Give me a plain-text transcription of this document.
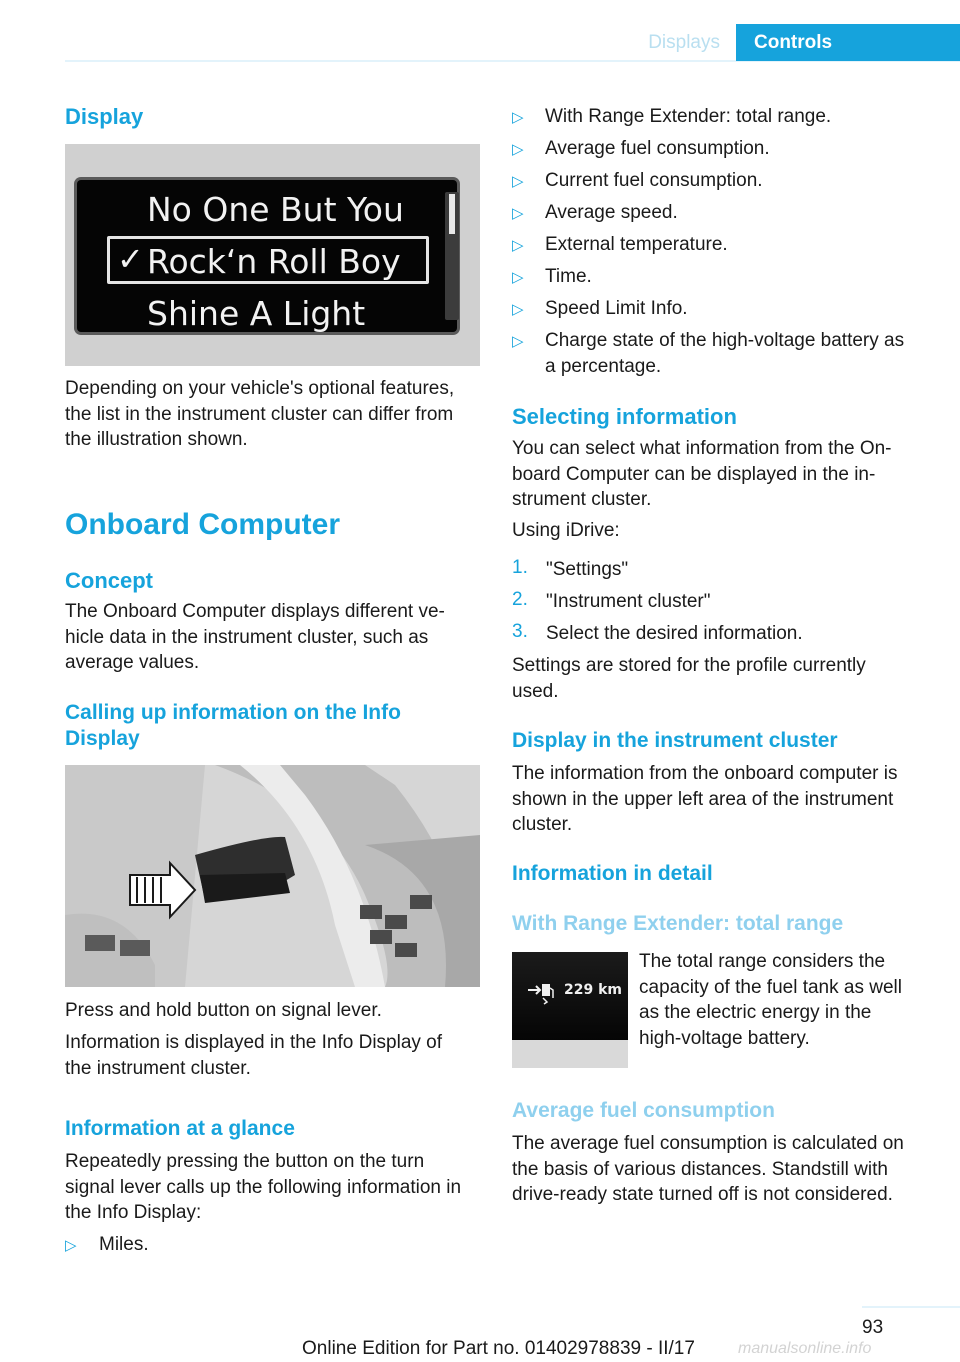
Displays	Controls
Display
No One But You
✓ Rock‘n Roll Boy
Shine A Light
Depending on your vehicle's optional features,
the list in the instrument cluster can differ from
the illustration shown.
Onboard Computer
Concept
The Onboard Computer displays different ve-
hicle data in the instrument cluster, such as
average values.
Calling up information on the Info
Display
Press and hold button on signal lever.
Information is displayed in the Info Display of
the instrument cluster.
Information at a glance
Repeatedly pressing the button on the turn
signal lever calls up the following information in
the Info Display:
▷ Miles.
▷ With Range Extender: total range.
▷ Average fuel consumption.
▷ Current fuel consumption.
▷ Average speed.
▷ External temperature.
▷ Time.
▷ Speed Limit Info.
▷ Charge state of the high-voltage battery as
a percentage.
Selecting information
You can select what information from the On-
board Computer can be displayed in the in-
strument cluster.
Using iDrive:
1. "Settings"
2. "Instrument cluster"
3. Select the desired information.
Settings are stored for the profile currently
used.
Display in the instrument cluster
The information from the onboard computer is
shown in the upper left area of the instrument
cluster.
Information in detail
With Range Extender: total range
229 km
The total range considers the
capacity of the fuel tank as well
as the electric energy in the
high-voltage battery.
Average fuel consumption
The average fuel consumption is calculated on
the basis of various distances. Standstill with
drive-ready state turned off is not considered.
93
Online Edition for Part no. 01402978839 - II/17	manualsonline.info
